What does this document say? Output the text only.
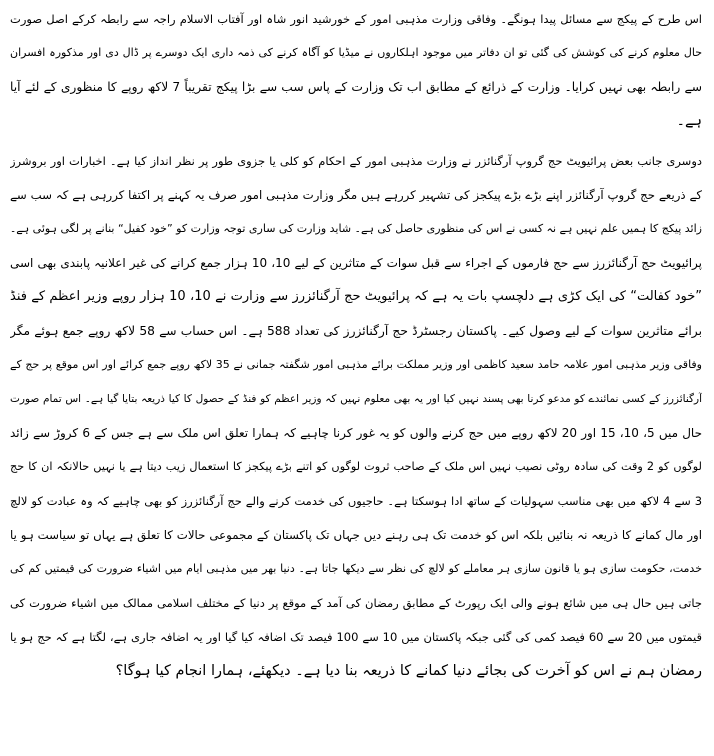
اس طرح کے پیکج سے مسائل پیدا ہونگے۔ وفاقی وزارت مذہبی امور کے خورشید انور شاہ اور آفتاب الاسلام راجہ سے رابطہ کرکے اصل صورت
حال معلوم کرنے کی کوشش کی گئی تو ان دفاتر میں موجود اہلکاروں نے میڈیا کو آگاہ کرنے کی ذمہ داری ایک دوسرے پر ڈال دی اور مذکورہ افسران
سے رابطہ بھی نہیں کرایا۔ وزارت کے ذرائع کے مطابق اب تک وزارت کے پاس سب سے بڑا پیکج تقریباً 7 لاکھ روپے کا منظوری کے لئے آیا
ہے۔
دوسری جانب بعض پرائیویٹ حج گروپ آرگنائزر نے وزارت مذہبی امور کے احکام کو کلی یا جزوی طور پر نظر انداز کیا ہے۔ اخبارات اور بروشرز
کے ذریعے حج گروپ آرگنائزر اپنے بڑے بڑے پیکجز کی تشہیر کررہے ہیں مگر وزارت مذہبی امور صرف یہ کہنے پر اکتفا کررہی ہے کہ سب سے
زائد پیکج کا ہمیں علم نہیں ہے نہ کسی نے اس کی منظوری حاصل کی ہے۔ شاید وزارت کی ساری توجہ وزارت کو ”خود کفیل“ بنانے پر لگی ہوئی ہے۔
پرائیویٹ حج آرگنائزرز سے حج فارموں کے اجراء سے قبل سوات کے متاثرین کے لیے 10، 10 ہزار جمع کرانے کی غیر اعلانیہ پابندی بھی اسی
”خود کفالت“ کی ایک کڑی ہے دلچسپ بات یہ ہے کہ پرائیویٹ حج آرگنائزرز سے وزارت نے 10، 10 ہزار روپے وزیر اعظم کے فنڈ
برائے متاثرین سوات کے لیے وصول کیے۔ پاکستان رجسٹرڈ حج آرگنائزرز کی تعداد 588 ہے۔ اس حساب سے 58 لاکھ روپے جمع ہوئے مگر
وفاقی وزیر مذہبی امور علامہ حامد سعید کاظمی اور وزیر مملکت برائے مذہبی امور شگفتہ جمانی نے 35 لاکھ روپے جمع کرائے اور اس موقع پر حج کے
آرگنائزرز کے کسی نمائندے کو مدعو کرنا بھی پسند نہیں کیا اور یہ بھی معلوم نہیں کہ وزیر اعظم کو فنڈ کے حصول کا کیا ذریعہ بتایا گیا ہے۔ اس تمام صورت
حال میں 5، 10، 15 اور 20 لاکھ روپے میں حج کرنے والوں کو یہ غور کرنا چاہیے کہ ہمارا تعلق اس ملک سے ہے جس کے 6 کروڑ سے زائد
لوگوں کو 2 وقت کی سادہ روٹی نصیب نہیں اس ملک کے صاحب ثروت لوگوں کو اتنے بڑے پیکجز کا استعمال زیب دیتا ہے یا نہیں حالانکہ ان کا حج
3 سے 4 لاکھ میں بھی مناسب سہولیات کے ساتھ ادا ہوسکتا ہے۔ حاجیوں کی خدمت کرنے والے حج آرگنائزرز کو بھی چاہیے کہ وہ عبادت کو لالچ
اور مال کمانے کا ذریعہ نہ بنائیں بلکہ اس کو خدمت تک ہی رہنے دیں جہاں تک پاکستان کے مجموعی حالات کا تعلق ہے یہاں تو سیاست ہو یا
خدمت، حکومت سازی ہو یا قانون سازی ہر معاملے کو لالچ کی نظر سے دیکھا جاتا ہے۔ دنیا بھر میں مذہبی ایام میں اشیاء ضرورت کی قیمتیں کم کی
جاتی ہیں حال ہی میں شائع ہونے والی ایک رپورٹ کے مطابق رمضان کی آمد کے موقع پر دنیا کے مختلف اسلامی ممالک میں اشیاء ضرورت کی
قیمتوں میں 20 سے 60 فیصد کمی کی گئی جبکہ پاکستان میں 10 سے 100 فیصد تک اضافہ کیا گیا اور یہ اضافہ جاری ہے، لگتا ہے کہ حج ہو یا
رمضان ہم نے اس کو آخرت کی بجائے دنیا کمانے کا ذریعہ بنا دیا ہے۔ دیکھئے، ہمارا انجام کیا ہوگا؟
